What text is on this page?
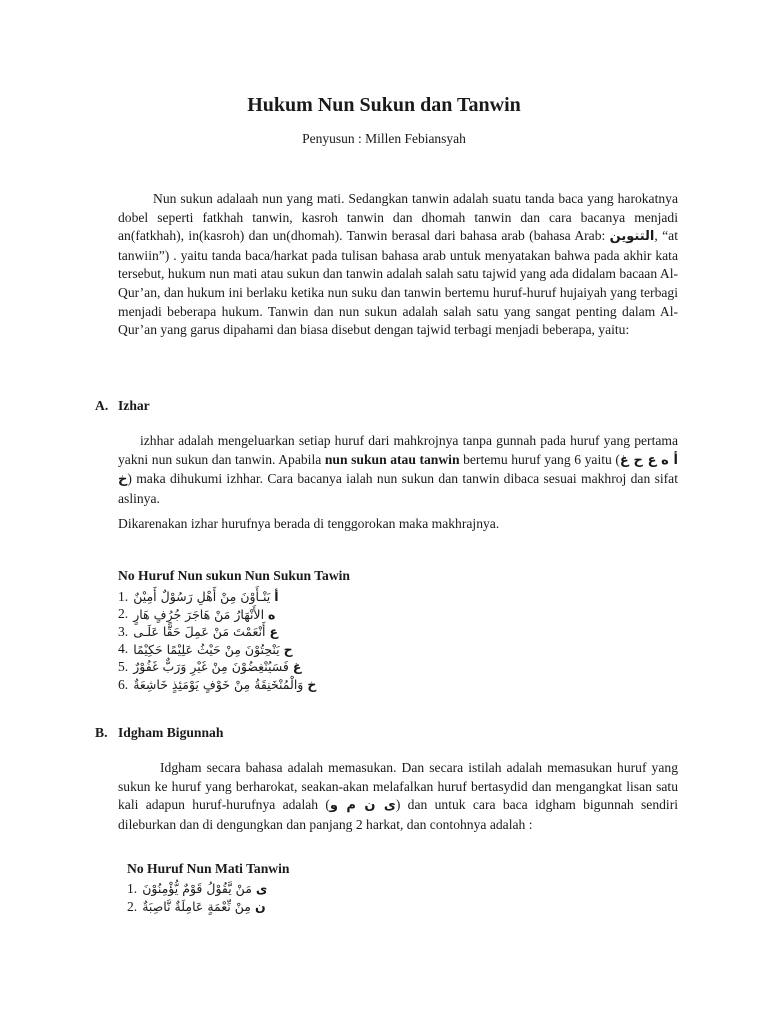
Hukum Nun Sukun dan Tanwin
Penyusun : Millen Febiansyah

Nun sukun adalaah nun yang mati. Sedangkan tanwin adalah suatu tanda baca yang harokatnya dobel seperti fatkhah tanwin, kasroh tanwin dan dhomah tanwin dan cara bacanya menjadi an(fatkhah), in(kasroh) dan un(dhomah). Tanwin berasal dari bahasa arab (bahasa Arab: التنوين, “at tanwiin”) . yaitu tanda baca/harkat pada tulisan bahasa arab untuk menyatakan bahwa pada akhir kata tersebut, hukum nun mati atau sukun dan tanwin adalah salah satu tajwid yang ada didalam bacaan Al-Qur’an, dan hukum ini berlaku ketika nun suku dan tanwin bertemu huruf-huruf hujaiyah yang terbagi menjadi beberapa hukum. Tanwin dan nun sukun adalah salah satu yang sangat penting dalam Al-Qur’an yang garus dipahami dan biasa disebut dengan tajwid terbagi menjadi beberapa, yaitu:

A. Izhar

izhhar adalah mengeluarkan setiap huruf dari mahkrojnya tanpa gunnah pada huruf yang pertama yakni nun sukun dan tanwin. Apabila nun sukun atau tanwin bertemu huruf yang 6 yaitu (أ ه ع ح غ خ) maka dihukumi izhhar. Cara bacanya ialah nun sukun dan tanwin dibaca sesuai makhroj dan sifat aslinya.

Dikarenakan izhar hurufnya berada di tenggorokan maka makhrajnya.

No Huruf Nun sukun Nun Sukun Tawin
1. يَنْـأَوْنَ مِنْ أَهْلِ رَسُوْلٌ أَمِيْنٌ أ
2. الأَنْهَارُ مَنْ هَاجَرَ جُرُفٍ هَارٍ ه
3. أَنْعَمْتَ مَنْ عَمِلَ حَقًّا عَلَـى ع
4. يَنْحِتُوْنَ مِنْ حَيْثُ عَلِيْمًا حَكِيْمًا ح
5. فَسَيُنْغِضُوْنَ مِنْ غَيْرِ وَرَبٌّ غَفُوْرٌ غ
6. وَالْمُنْخَنِقَةُ مِنْ خَوْفٍ يَوْمَئِذٍ خَاشِعَةٌ خ
B. Idgham Bigunnah

Idgham secara bahasa adalah memasukan. Dan secara istilah adalah memasukan huruf yang sukun ke huruf yang berharokat, seakan-akan melafalkan huruf bertasydid dan mengangkat lisan satu kali adapun huruf-hurufnya adalah (ى ن م و) dan untuk cara baca idgham bigunnah sendiri dileburkan dan di dengungkan dan panjang 2 harkat, dan contohnya adalah :

No Huruf Nun Mati Tanwin
1. مَنْ يَّقُوْلُ قَوْمٌ يُّؤْمِنُوْنَ ى
2. مِنْ نِّعْمَةٍ عَامِلَةٌ نَّاصِبَةٌ ن
